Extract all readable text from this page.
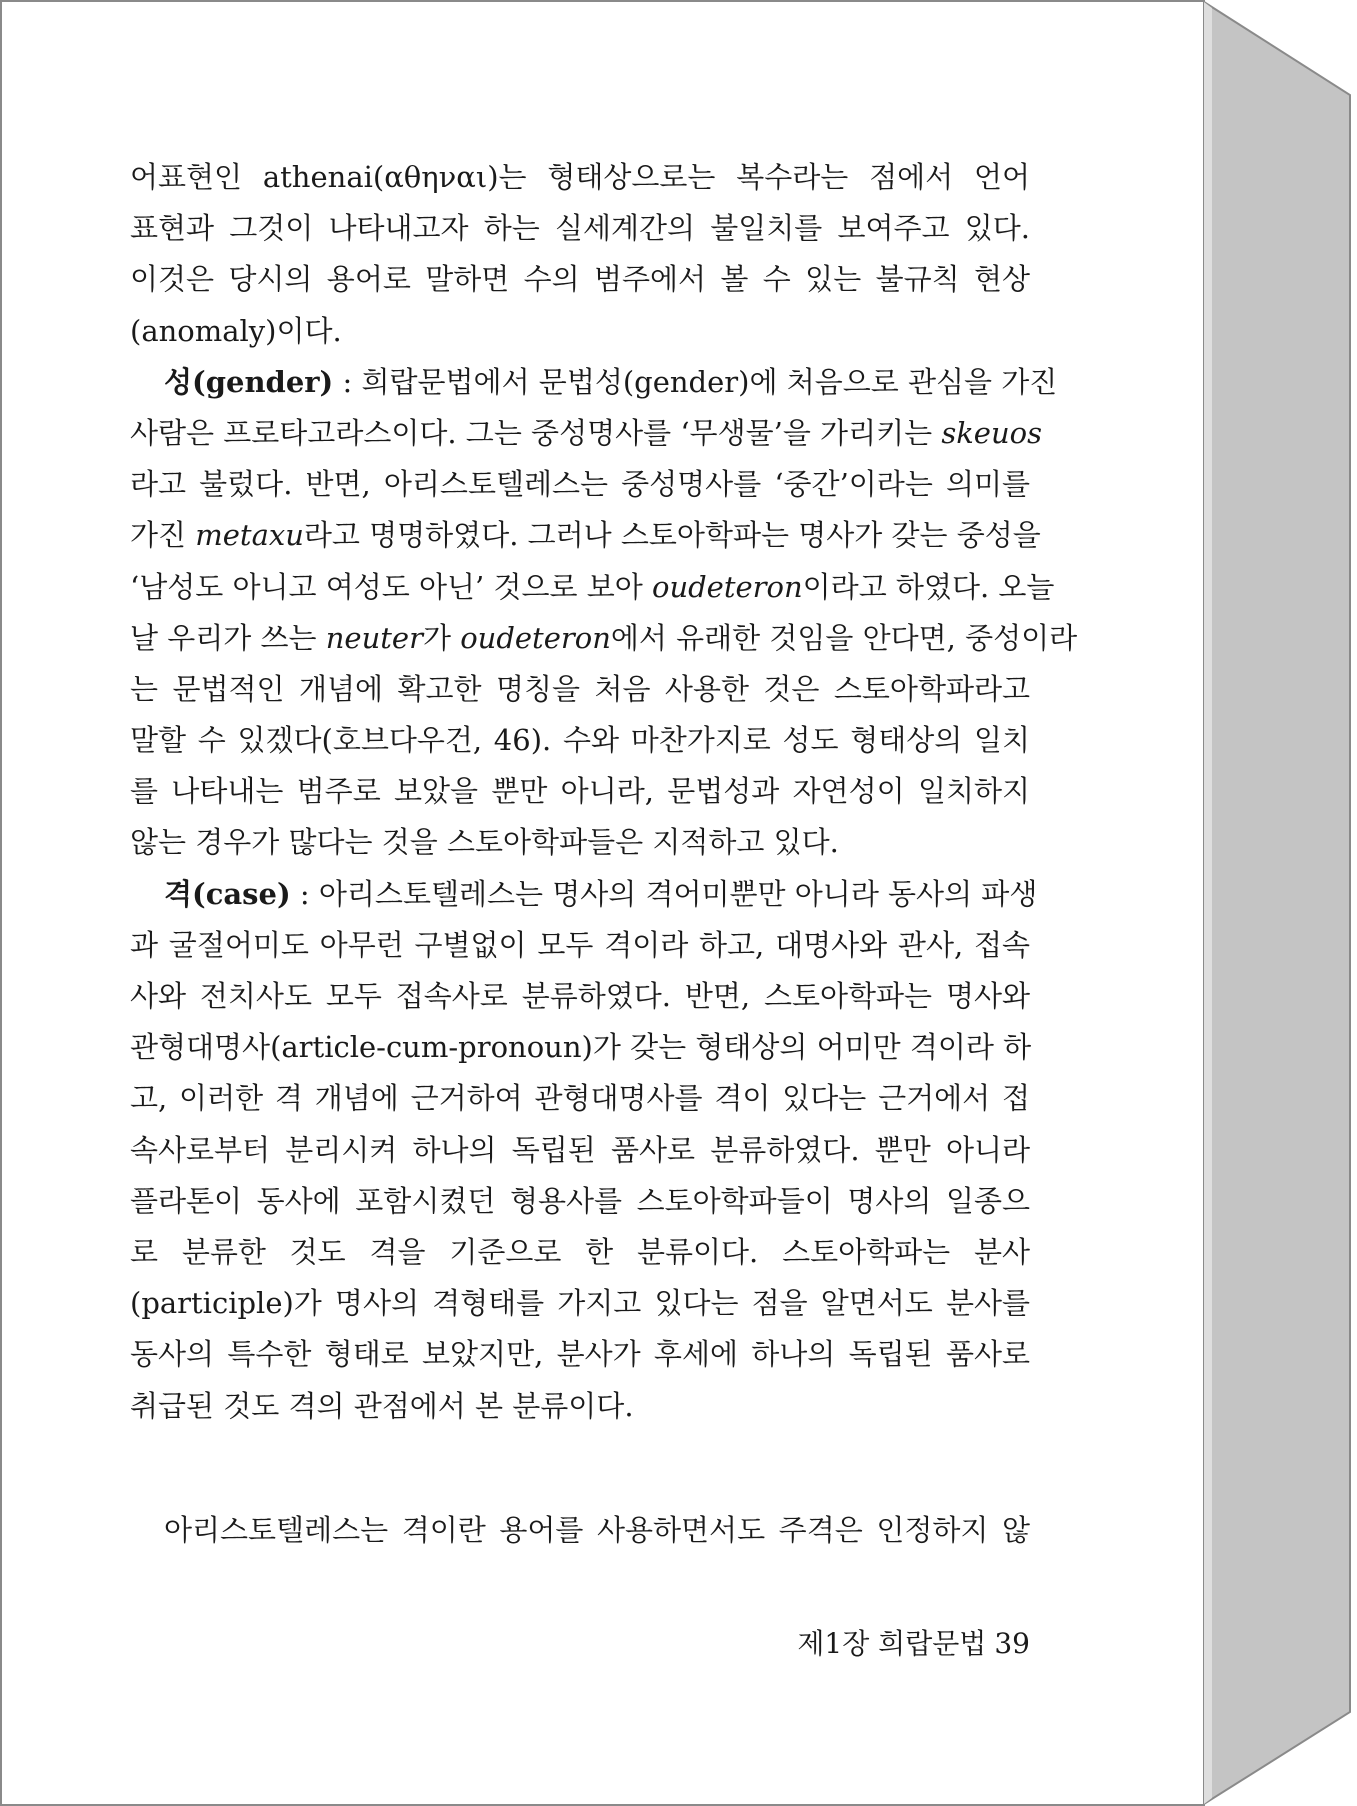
어표현인 athenai(αθηναι)는 형태상으로는 복수라는 점에서 언어
표현과 그것이 나타내고자 하는 실세계간의 불일치를 보여주고 있다.
이것은 당시의 용어로 말하면 수의 범주에서 볼 수 있는 불규칙 현상
(anomaly)이다.
성(gender) : 희랍문법에서 문법성(gender)에 처음으로 관심을 가진
사람은 프로타고라스이다. 그는 중성명사를 ‘무생물’을 가리키는 skeuos
라고 불렀다. 반면, 아리스토텔레스는 중성명사를 ‘중간’이라는 의미를
가진 metaxu라고 명명하였다. 그러나 스토아학파는 명사가 갖는 중성을
‘남성도 아니고 여성도 아닌’ 것으로 보아 oudeteron이라고 하였다. 오늘
날 우리가 쓰는 neuter가 oudeteron에서 유래한 것임을 안다면, 중성이라
는 문법적인 개념에 확고한 명칭을 처음 사용한 것은 스토아학파라고
말할 수 있겠다(호브다우건, 46). 수와 마찬가지로 성도 형태상의 일치
를 나타내는 범주로 보았을 뿐만 아니라, 문법성과 자연성이 일치하지
않는 경우가 많다는 것을 스토아학파들은 지적하고 있다.
격(case) : 아리스토텔레스는 명사의 격어미뿐만 아니라 동사의 파생
과 굴절어미도 아무런 구별없이 모두 격이라 하고, 대명사와 관사, 접속
사와 전치사도 모두 접속사로 분류하였다. 반면, 스토아학파는 명사와
관형대명사(article-cum-pronoun)가 갖는 형태상의 어미만 격이라 하
고, 이러한 격 개념에 근거하여 관형대명사를 격이 있다는 근거에서 접
속사로부터 분리시켜 하나의 독립된 품사로 분류하였다. 뿐만 아니라
플라톤이 동사에 포함시켰던 형용사를 스토아학파들이 명사의 일종으
로 분류한 것도 격을 기준으로 한 분류이다. 스토아학파는 분사
(participle)가 명사의 격형태를 가지고 있다는 점을 알면서도 분사를
동사의 특수한 형태로 보았지만, 분사가 후세에 하나의 독립된 품사로
취급된 것도 격의 관점에서 본 분류이다.
아리스토텔레스는 격이란 용어를 사용하면서도 주격은 인정하지 않
제1장 희랍문법 39
